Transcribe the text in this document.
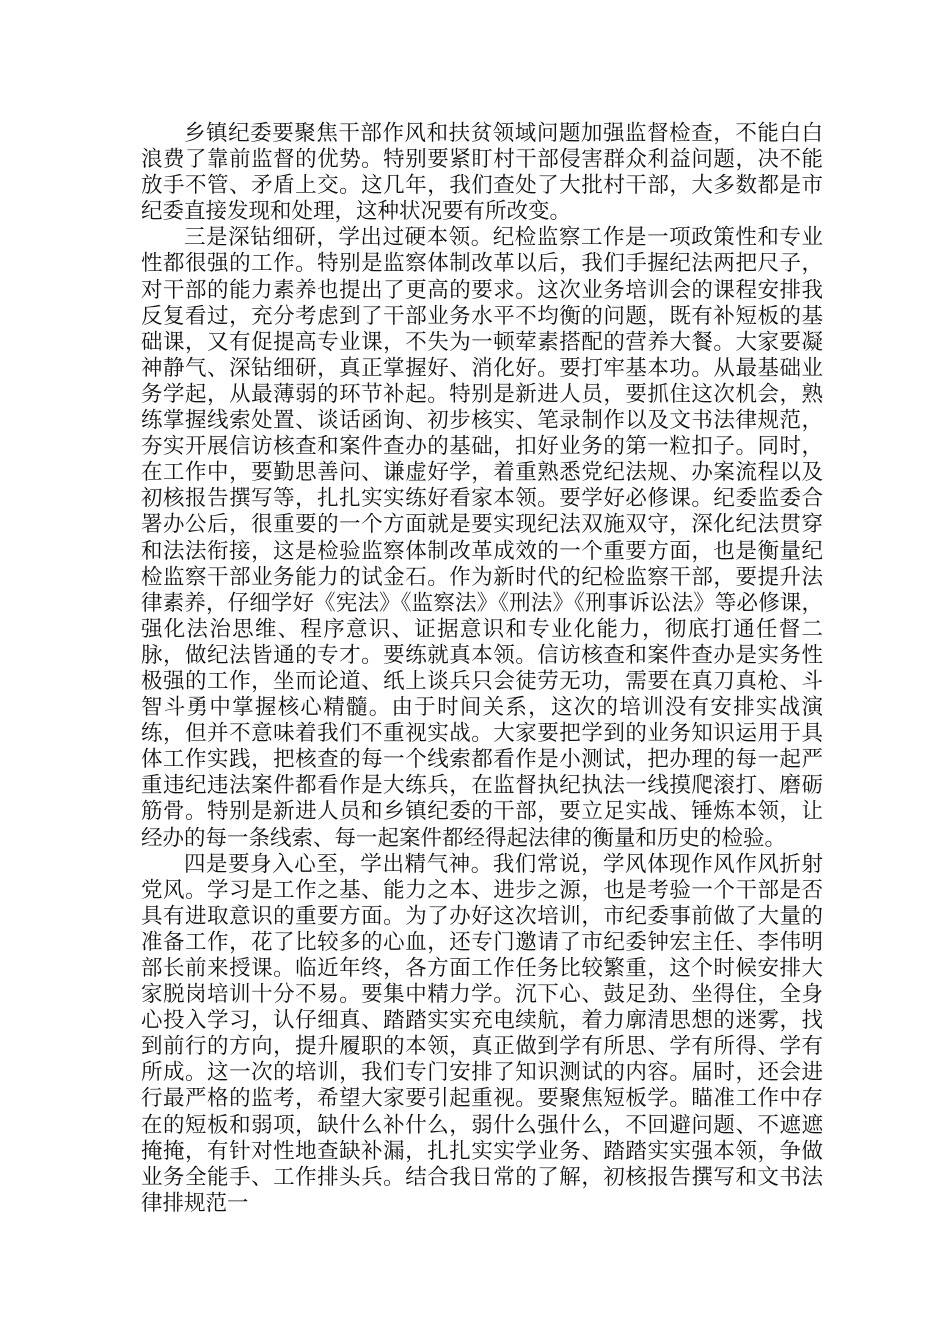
乡镇纪委要聚焦干部作风和扶贫领域问题加强监督检查，不能白白浪费了靠前监督的优势。特别要紧盯村干部侵害群众利益问题，决不能放手不管、矛盾上交。这几年，我们查处了大批村干部，大多数都是市纪委直接发现和处理，这种状况要有所改变。

三是深钻细研，学出过硬本领。纪检监察工作是一项政策性和专业性都很强的工作。特别是监察体制改革以后，我们手握纪法两把尺子，对干部的能力素养也提出了更高的要求。这次业务培训会的课程安排我反复看过，充分考虑到了干部业务水平不均衡的问题，既有补短板的基础课，又有促提高专业课，不失为一顿荤素搭配的营养大餐。大家要凝神静气、深钻细研，真正掌握好、消化好。要打牢基本功。从最基础业务学起，从最薄弱的环节补起。特别是新进人员，要抓住这次机会，熟练掌握线索处置、谈话函询、初步核实、笔录制作以及文书法律规范，夯实开展信访核查和案件查办的基础，扣好业务的第一粒扣子。同时，在工作中，要勤思善问、谦虚好学，着重熟悉党纪法规、办案流程以及初核报告撰写等，扎扎实实练好看家本领。要学好必修课。纪委监委合署办公后，很重要的一个方面就是要实现纪法双施双守，深化纪法贯穿和法法衔接，这是检验监察体制改革成效的一个重要方面，也是衡量纪检监察干部业务能力的试金石。作为新时代的纪检监察干部，要提升法律素养，仔细学好《宪法》《监察法》《刑法》《刑事诉讼法》等必修课，强化法治思维、程序意识、证据意识和专业化能力，彻底打通任督二脉，做纪法皆通的专才。要练就真本领。信访核查和案件查办是实务性极强的工作，坐而论道、纸上谈兵只会徒劳无功，需要在真刀真枪、斗智斗勇中掌握核心精髓。由于时间关系，这次的培训没有安排实战演练，但并不意味着我们不重视实战。大家要把学到的业务知识运用于具体工作实践，把核查的每一个线索都看作是小测试，把办理的每一起严重违纪违法案件都看作是大练兵，在监督执纪执法一线摸爬滚打、磨砺筋骨。特别是新进人员和乡镇纪委的干部，要立足实战、锤炼本领，让经办的每一条线索、每一起案件都经得起法律的衡量和历史的检验。

四是要身入心至，学出精气神。我们常说，学风体现作风作风折射党风。学习是工作之基、能力之本、进步之源，也是考验一个干部是否具有进取意识的重要方面。为了办好这次培训，市纪委事前做了大量的准备工作，花了比较多的心血，还专门邀请了市纪委钟宏主任、李伟明部长前来授课。临近年终，各方面工作任务比较繁重，这个时候安排大家脱岗培训十分不易。要集中精力学。沉下心、鼓足劲、坐得住，全身心投入学习，认仔细真、踏踏实实充电续航，着力廓清思想的迷雾，找到前行的方向，提升履职的本领，真正做到学有所思、学有所得、学有所成。这一次的培训，我们专门安排了知识测试的内容。届时，还会进行最严格的监考，希望大家要引起重视。要聚焦短板学。瞄准工作中存在的短板和弱项，缺什么补什么，弱什么强什么，不回避问题、不遮遮掩掩，有针对性地查缺补漏，扎扎实实学业务、踏踏实实强本领，争做业务全能手、工作排头兵。结合我日常的了解，初核报告撰写和文书法律排规范一
